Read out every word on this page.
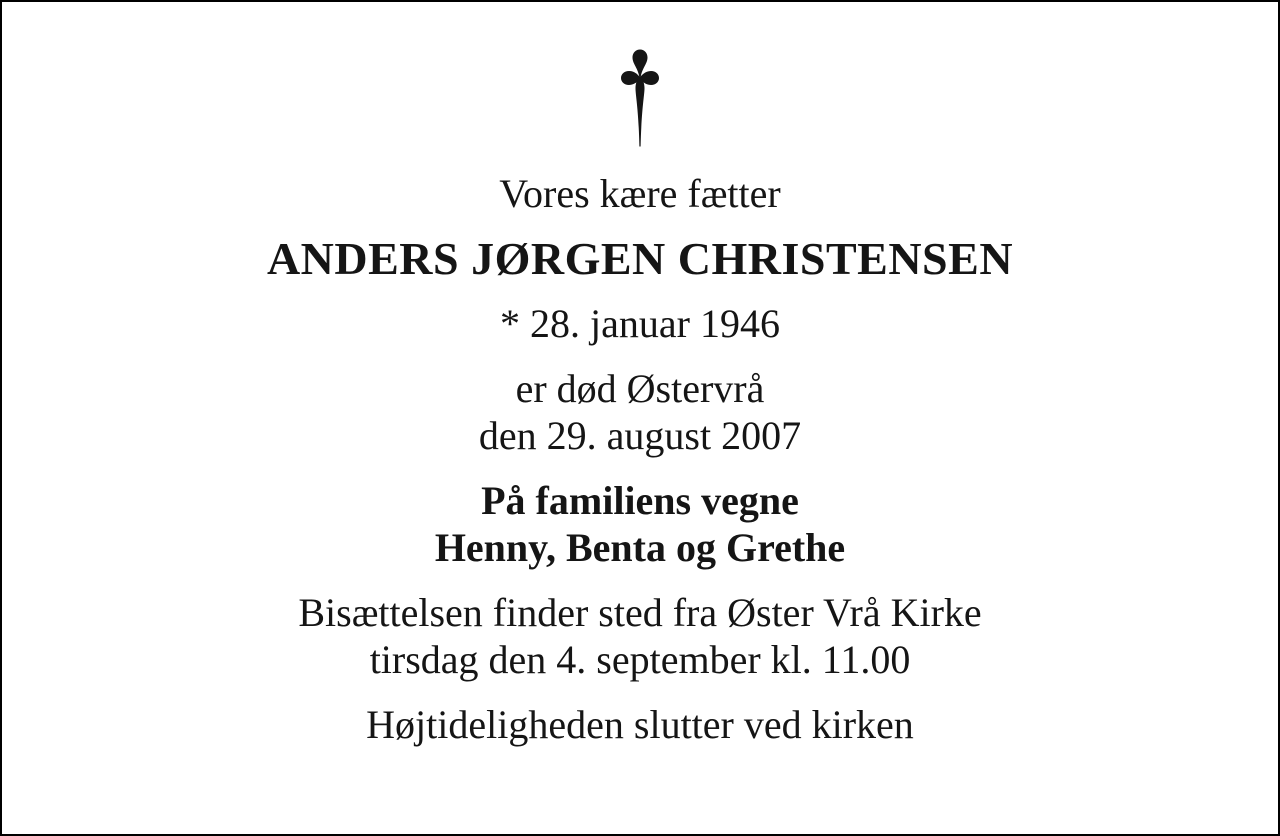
Vores kære fætter
ANDERS JØRGEN CHRISTENSEN
* 28. januar 1946
er død Østervrå
den 29. august 2007
På familiens vegne
Henny, Benta og Grethe
Bisættelsen finder sted fra Øster Vrå Kirke
tirsdag den 4. september kl. 11.00
Højtideligheden slutter ved kirken
